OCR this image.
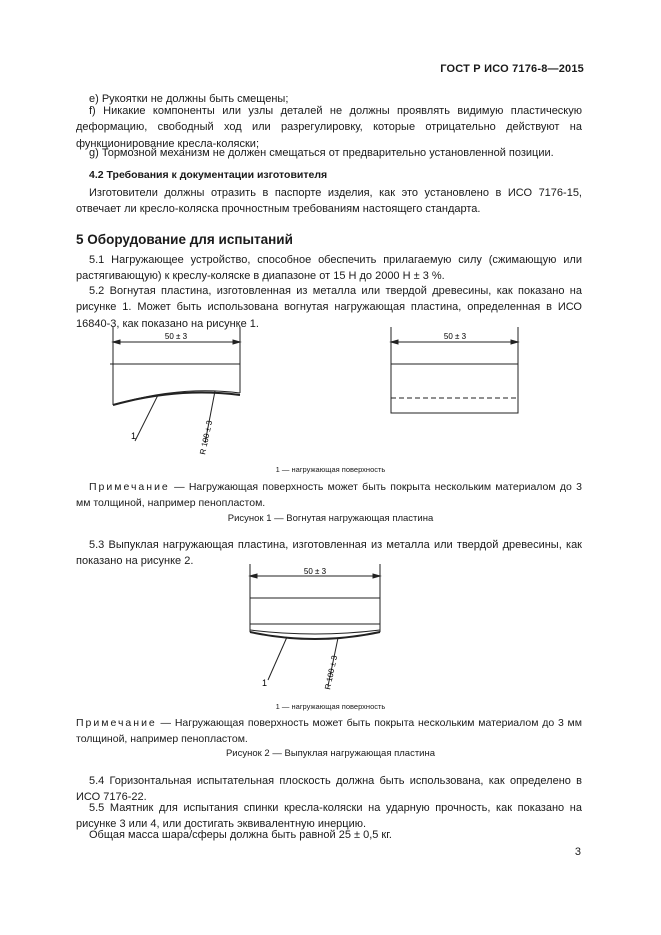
ГОСТ Р ИСО 7176-8—2015
е) Рукоятки не должны быть смещены;
f) Никакие компоненты или узлы деталей не должны проявлять видимую пластическую деформацию, свободный ход или разрегулировку, которые отрицательно действуют на функционирование кресла-коляски;
g) Тормозной механизм не должен смещаться от предварительно установленной позиции.
4.2 Требования к документации изготовителя
Изготовители должны отразить в паспорте изделия, как это установлено в ИСО 7176-15, отвечает ли кресло-коляска прочностным требованиям настоящего стандарта.
5 Оборудование для испытаний
5.1 Нагружающее устройство, способное обеспечить прилагаемую силу (сжимающую или растягивающую) к креслу-коляске в диапазоне от 15 Н до 2000 Н ± 3 %.
5.2 Вогнутая пластина, изготовленная из металла или твердой древесины, как показано на рисунке 1. Может быть использована вогнутая нагружающая пластина, определенная в ИСО 16840-3, как показано на рисунке 1.
50 ± 3	50 ± 3
1	R 100 ± 3
1 — нагружающая поверхность
Примечание — Нагружающая поверхность может быть покрыта нескольким материалом до 3 мм толщиной, например пенопластом.
Рисунок 1 — Вогнутая нагружающая пластина
5.3 Выпуклая нагружающая пластина, изготовленная из металла или твердой древесины, как показано на рисунке 2.
50 ± 3
1	R 100 ± 3
1 — нагружающая поверхность
Примечание — Нагружающая поверхность может быть покрыта нескольким материалом до 3 мм толщиной, например пенопластом.
Рисунок 2 — Выпуклая нагружающая пластина
5.4 Горизонтальная испытательная плоскость должна быть использована, как определено в ИСО 7176-22.
5.5 Маятник для испытания спинки кресла-коляски на ударную прочность, как показано на рисунке 3 или 4, или достигать эквивалентную инерцию.
Общая масса шара/сферы должна быть равной 25 ± 0,5 кг.
3
